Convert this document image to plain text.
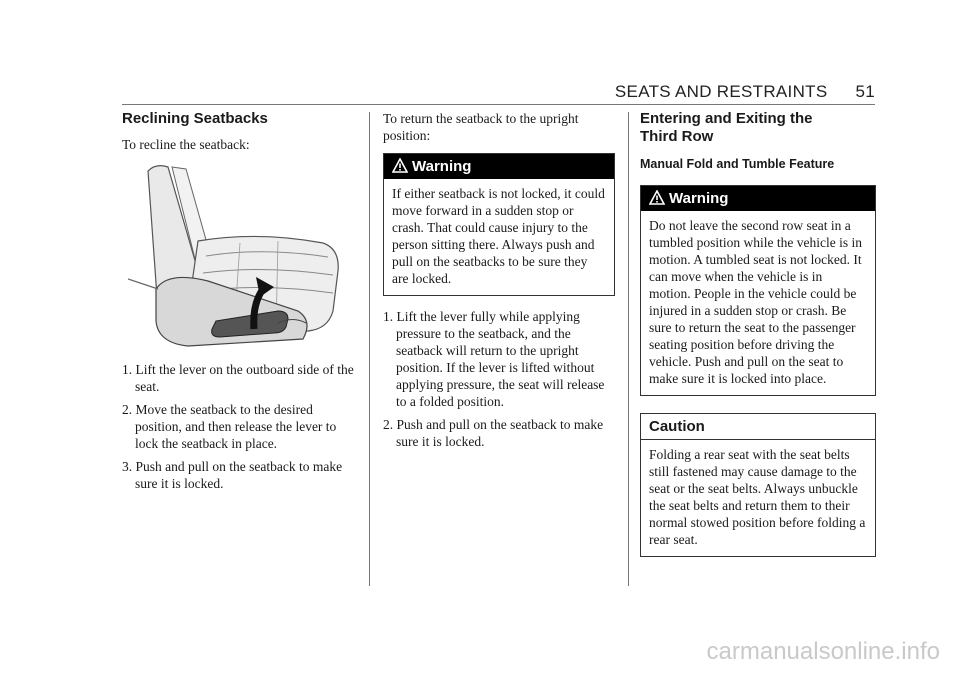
SEATS AND RESTRAINTS 51
Reclining Seatbacks

To recline the seatback:

1. Lift the lever on the outboard side of the seat.
2. Move the seatback to the desired position, and then release the lever to lock the seatback in place.
3. Push and pull on the seatback to make sure it is locked.

To return the seatback to the upright position:

Warning
If either seatback is not locked, it could move forward in a sudden stop or crash. That could cause injury to the person sitting there. Always push and pull on the seatbacks to be sure they are locked.
1. Lift the lever fully while applying pressure to the seatback, and the seatback will return to the upright position. If the lever is lifted without applying pressure, the seat will release to a folded position.
2. Push and pull on the seatback to make sure it is locked.
Entering and Exiting the
Third Row
Manual Fold and Tumble Feature
Warning
Do not leave the second row seat in a tumbled position while the vehicle is in motion. A tumbled seat is not locked. It can move when the vehicle is in motion. People in the vehicle could be injured in a sudden stop or crash. Be sure to return the seat to the passenger seating position before driving the vehicle. Push and pull on the seat to make sure it is locked into place.
Caution
Folding a rear seat with the seat belts still fastened may cause damage to the seat or the seat belts. Always unbuckle the seat belts and return them to their normal stowed position before folding a rear seat.
carmanualsonline.info
